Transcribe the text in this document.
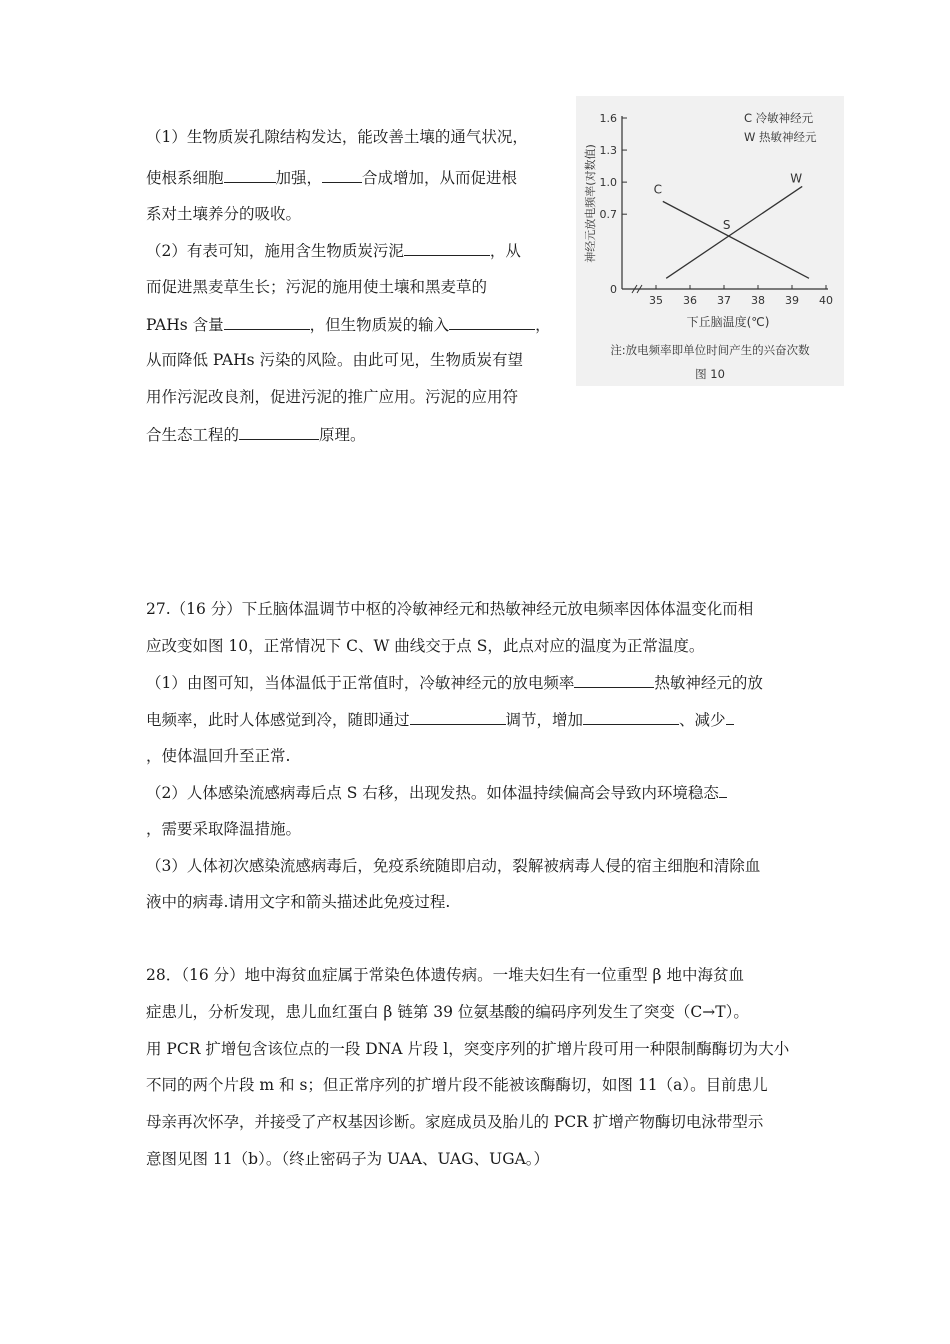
（1）生物质炭孔隙结构发达，能改善土壤的通气状况，
使根系细胞	加强，	合成增加，从而促进根
系对土壤养分的吸收。
（2）有表可知，施用含生物质炭污泥	，从
而促进黑麦草生长；污泥的施用使土壤和黑麦草的
PAHs 含量	，但生物质炭的输入	，
从而降低 PAHs 污染的风险。由此可见，生物质炭有望
用作污泥改良剂，促进污泥的推广应用。污泥的应用符
合生态工程的	原理。
下丘脑温度(℃)
神经元放电频率(对数值)
0
0.7
1.0
1.3
1.6
35 36 37 38 39 40
C
W
S
C 冷敏神经元
W 热敏神经元
注:放电频率即单位时间产生的兴奋次数
图 10
27.（16 分）下丘脑体温调节中枢的冷敏神经元和热敏神经元放电频率因体体温变化而相
应改变如图 10，正常情况下 C、W 曲线交于点 S，此点对应的温度为正常温度。
（1）由图可知，当体温低于正常值时，冷敏神经元的放电频率	热敏神经元的放
电频率，此时人体感觉到冷，随即通过	调节，增加	、减少
，使体温回升至正常.
（2）人体感染流感病毒后点 S 右移，出现发热。如体温持续偏高会导致内环境稳态
，需要采取降温措施。
（3）人体初次感染流感病毒后，免疫系统随即启动，裂解被病毒人侵的宿主细胞和清除血
液中的病毒.请用文字和箭头描述此免疫过程.
28．（16 分）地中海贫血症属于常染色体遗传病。一堆夫妇生有一位重型 β 地中海贫血
症患儿，分析发现，患儿血红蛋白 β 链第 39 位氨基酸的编码序列发生了突变（C→T）。
用 PCR 扩增包含该位点的一段 DNA 片段 l，突变序列的扩增片段可用一种限制酶酶切为大小
不同的两个片段 m 和 s；但正常序列的扩增片段不能被该酶酶切，如图 11（a）。目前患儿
母亲再次怀孕，并接受了产权基因诊断。家庭成员及胎儿的 PCR 扩增产物酶切电泳带型示
意图见图 11（b）。（终止密码子为 UAA、UAG、UGA。）
